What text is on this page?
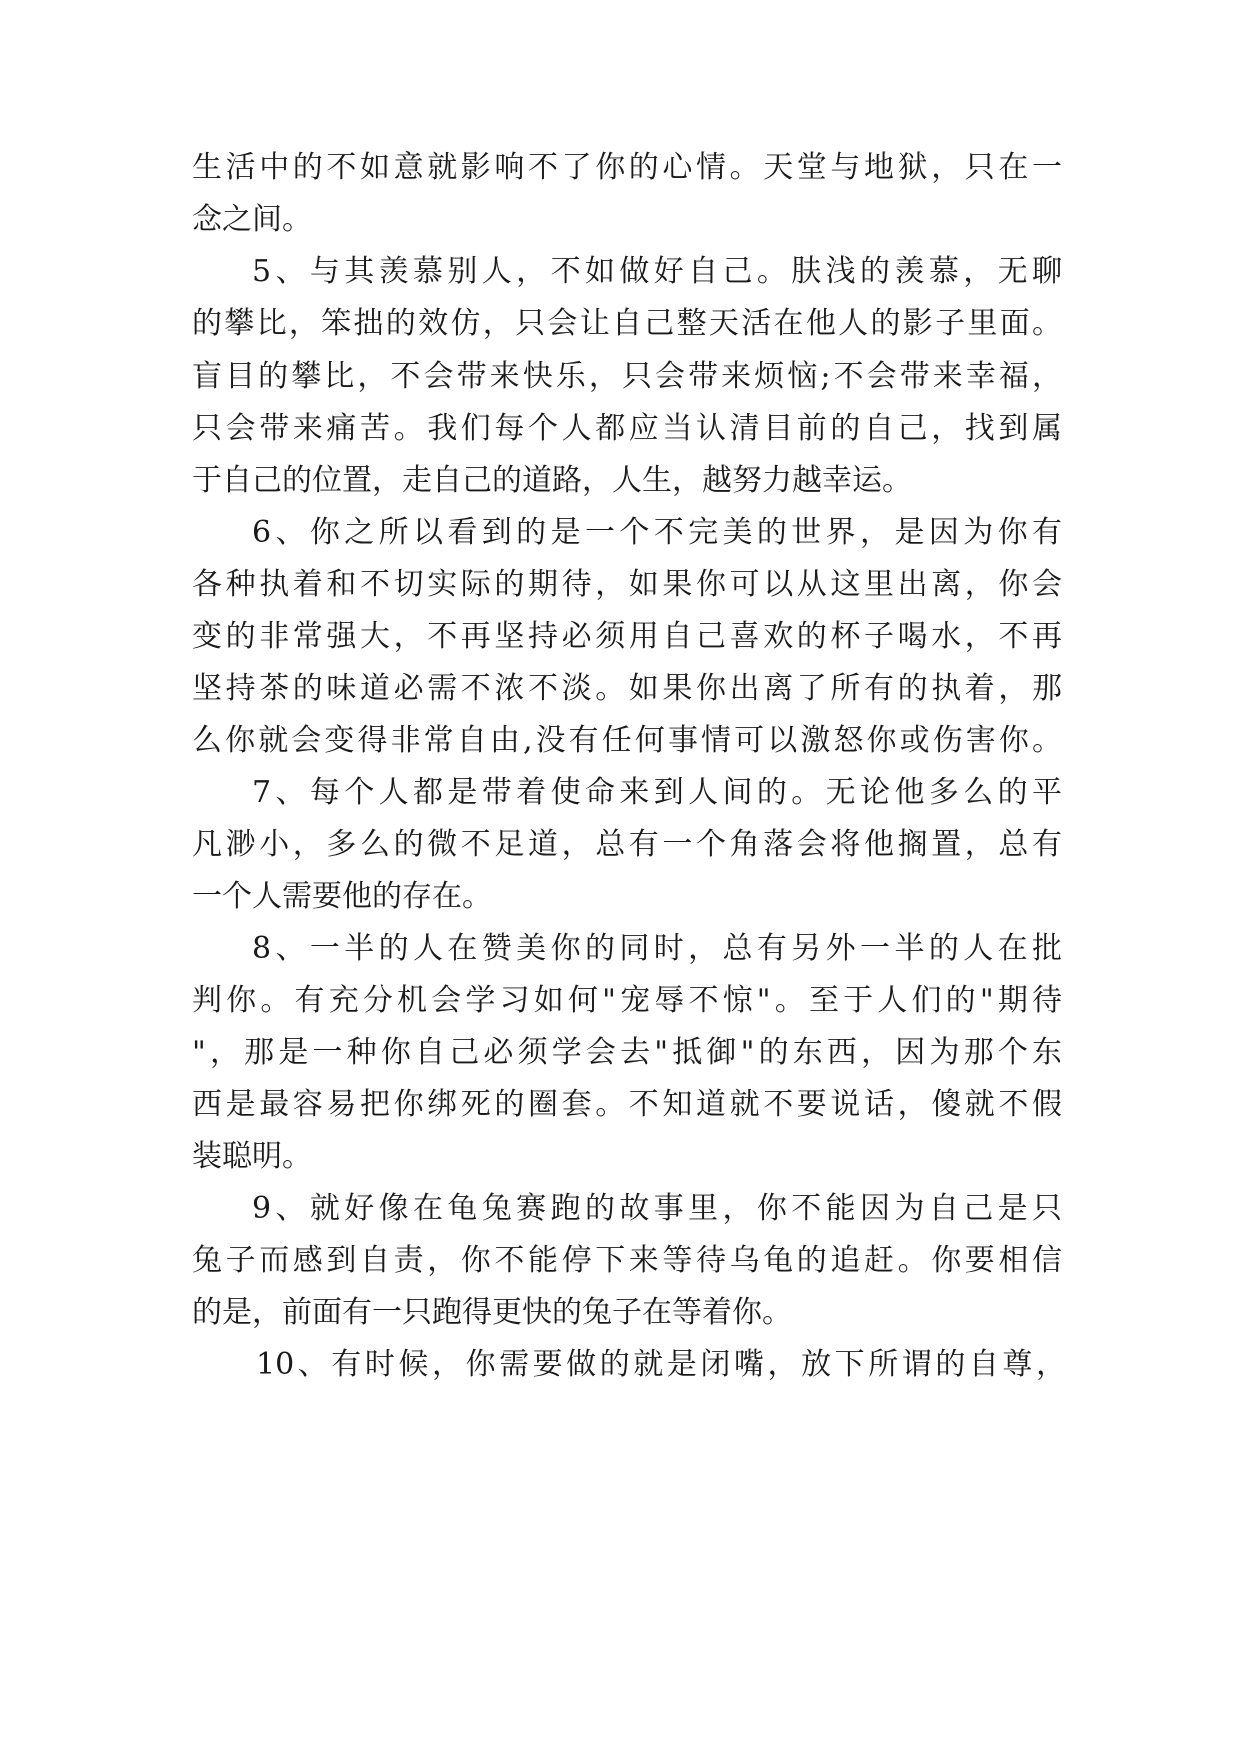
生活中的不如意就影响不了你的心情。天堂与地狱，只在一
念之间。
5、与其羡慕别人，不如做好自己。肤浅的羡慕，无聊
的攀比，笨拙的效仿，只会让自己整天活在他人的影子里面。
盲目的攀比，不会带来快乐，只会带来烦恼;不会带来幸福，
只会带来痛苦。我们每个人都应当认清目前的自己，找到属
于自己的位置，走自己的道路，人生，越努力越幸运。
6、你之所以看到的是一个不完美的世界，是因为你有
各种执着和不切实际的期待，如果你可以从这里出离，你会
变的非常强大，不再坚持必须用自己喜欢的杯子喝水，不再
坚持茶的味道必需不浓不淡。如果你出离了所有的执着，那
么你就会变得非常自由,没有任何事情可以激怒你或伤害你。
7、每个人都是带着使命来到人间的。无论他多么的平
凡渺小，多么的微不足道，总有一个角落会将他搁置，总有
一个人需要他的存在。
8、一半的人在赞美你的同时，总有另外一半的人在批
判你。有充分机会学习如何"宠辱不惊"。至于人们的"期待
"，那是一种你自己必须学会去"抵御"的东西，因为那个东
西是最容易把你绑死的圈套。不知道就不要说话，傻就不假
装聪明。
9、就好像在龟兔赛跑的故事里，你不能因为自己是只
兔子而感到自责，你不能停下来等待乌龟的追赶。你要相信
的是，前面有一只跑得更快的兔子在等着你。
10、有时候，你需要做的就是闭嘴，放下所谓的自尊，
